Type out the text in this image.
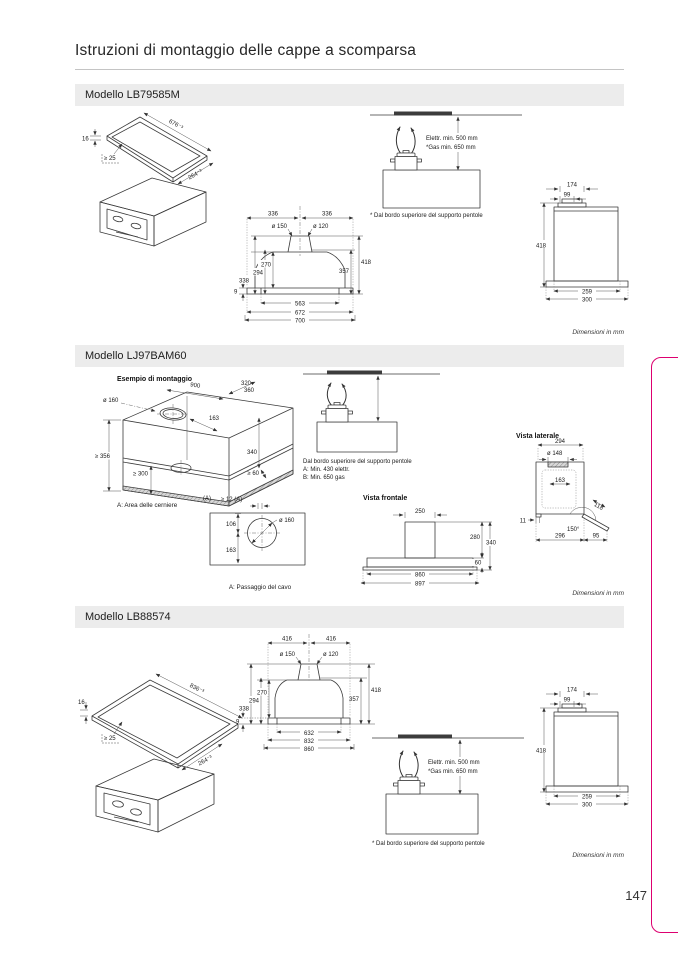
Istruzioni di montaggio delle cappe a scomparsa
Modello LB79585M
16
676⁻³
≥ 25
264⁻³
336	336
ø 150	ø 120
270
294
338
9
418
357
563
672
700
Elettr. min. 500 mm
*Gas min. 650 mm
* Dal bordo superiore del supporto pentole
174
99
418
259
300
Dimensioni in mm
Modello LJ97BAM60
Esempio di montaggio
ø 160
900	320-
360
163
≥ 356
≥ 300
340
≥ 60
(A)
A: Area delle cerniere
≥ 12 (A)
ø 160
106
163
A: Passaggio del cavo
Dal bordo superiore del supporto pentole
A: Min. 430 elettr.
B: Min. 650 gas
Vista frontale
250
280
340
60
860
897
Vista laterale
294
ø 148
163
118
11
150°
296	95
Dimensioni in mm
Modello LB88574
416	416
ø 150	ø 120
270
294
338
9
418
357
632
832
860
16
836⁻³
≥ 25
264⁻³	Elettr. min. 500 mm
*Gas min. 650 mm
* Dal bordo superiore del supporto pentole
174
99
418
259
300
Dimensioni in mm
147
